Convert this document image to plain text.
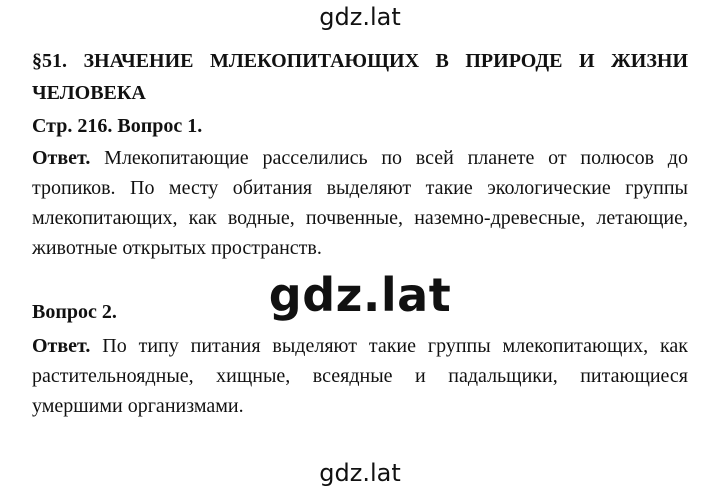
gdz.lat
§51. ЗНАЧЕНИЕ МЛЕКОПИТАЮЩИХ В ПРИРОДЕ И ЖИЗНИ ЧЕЛОВЕКА
Стр. 216. Вопрос 1.
Ответ. Млекопитающие расселились по всей планете от полюсов до тропиков. По месту обитания выделяют такие экологические группы млекопитающих, как водные, почвенные, наземно-древесные, летающие, животные открытых пространств.
gdz.lat
Вопрос 2.
Ответ. По типу питания выделяют такие группы млекопитающих, как растительноядные, хищные, всеядные и падальщики, питающиеся умершими организмами.
gdz.lat
